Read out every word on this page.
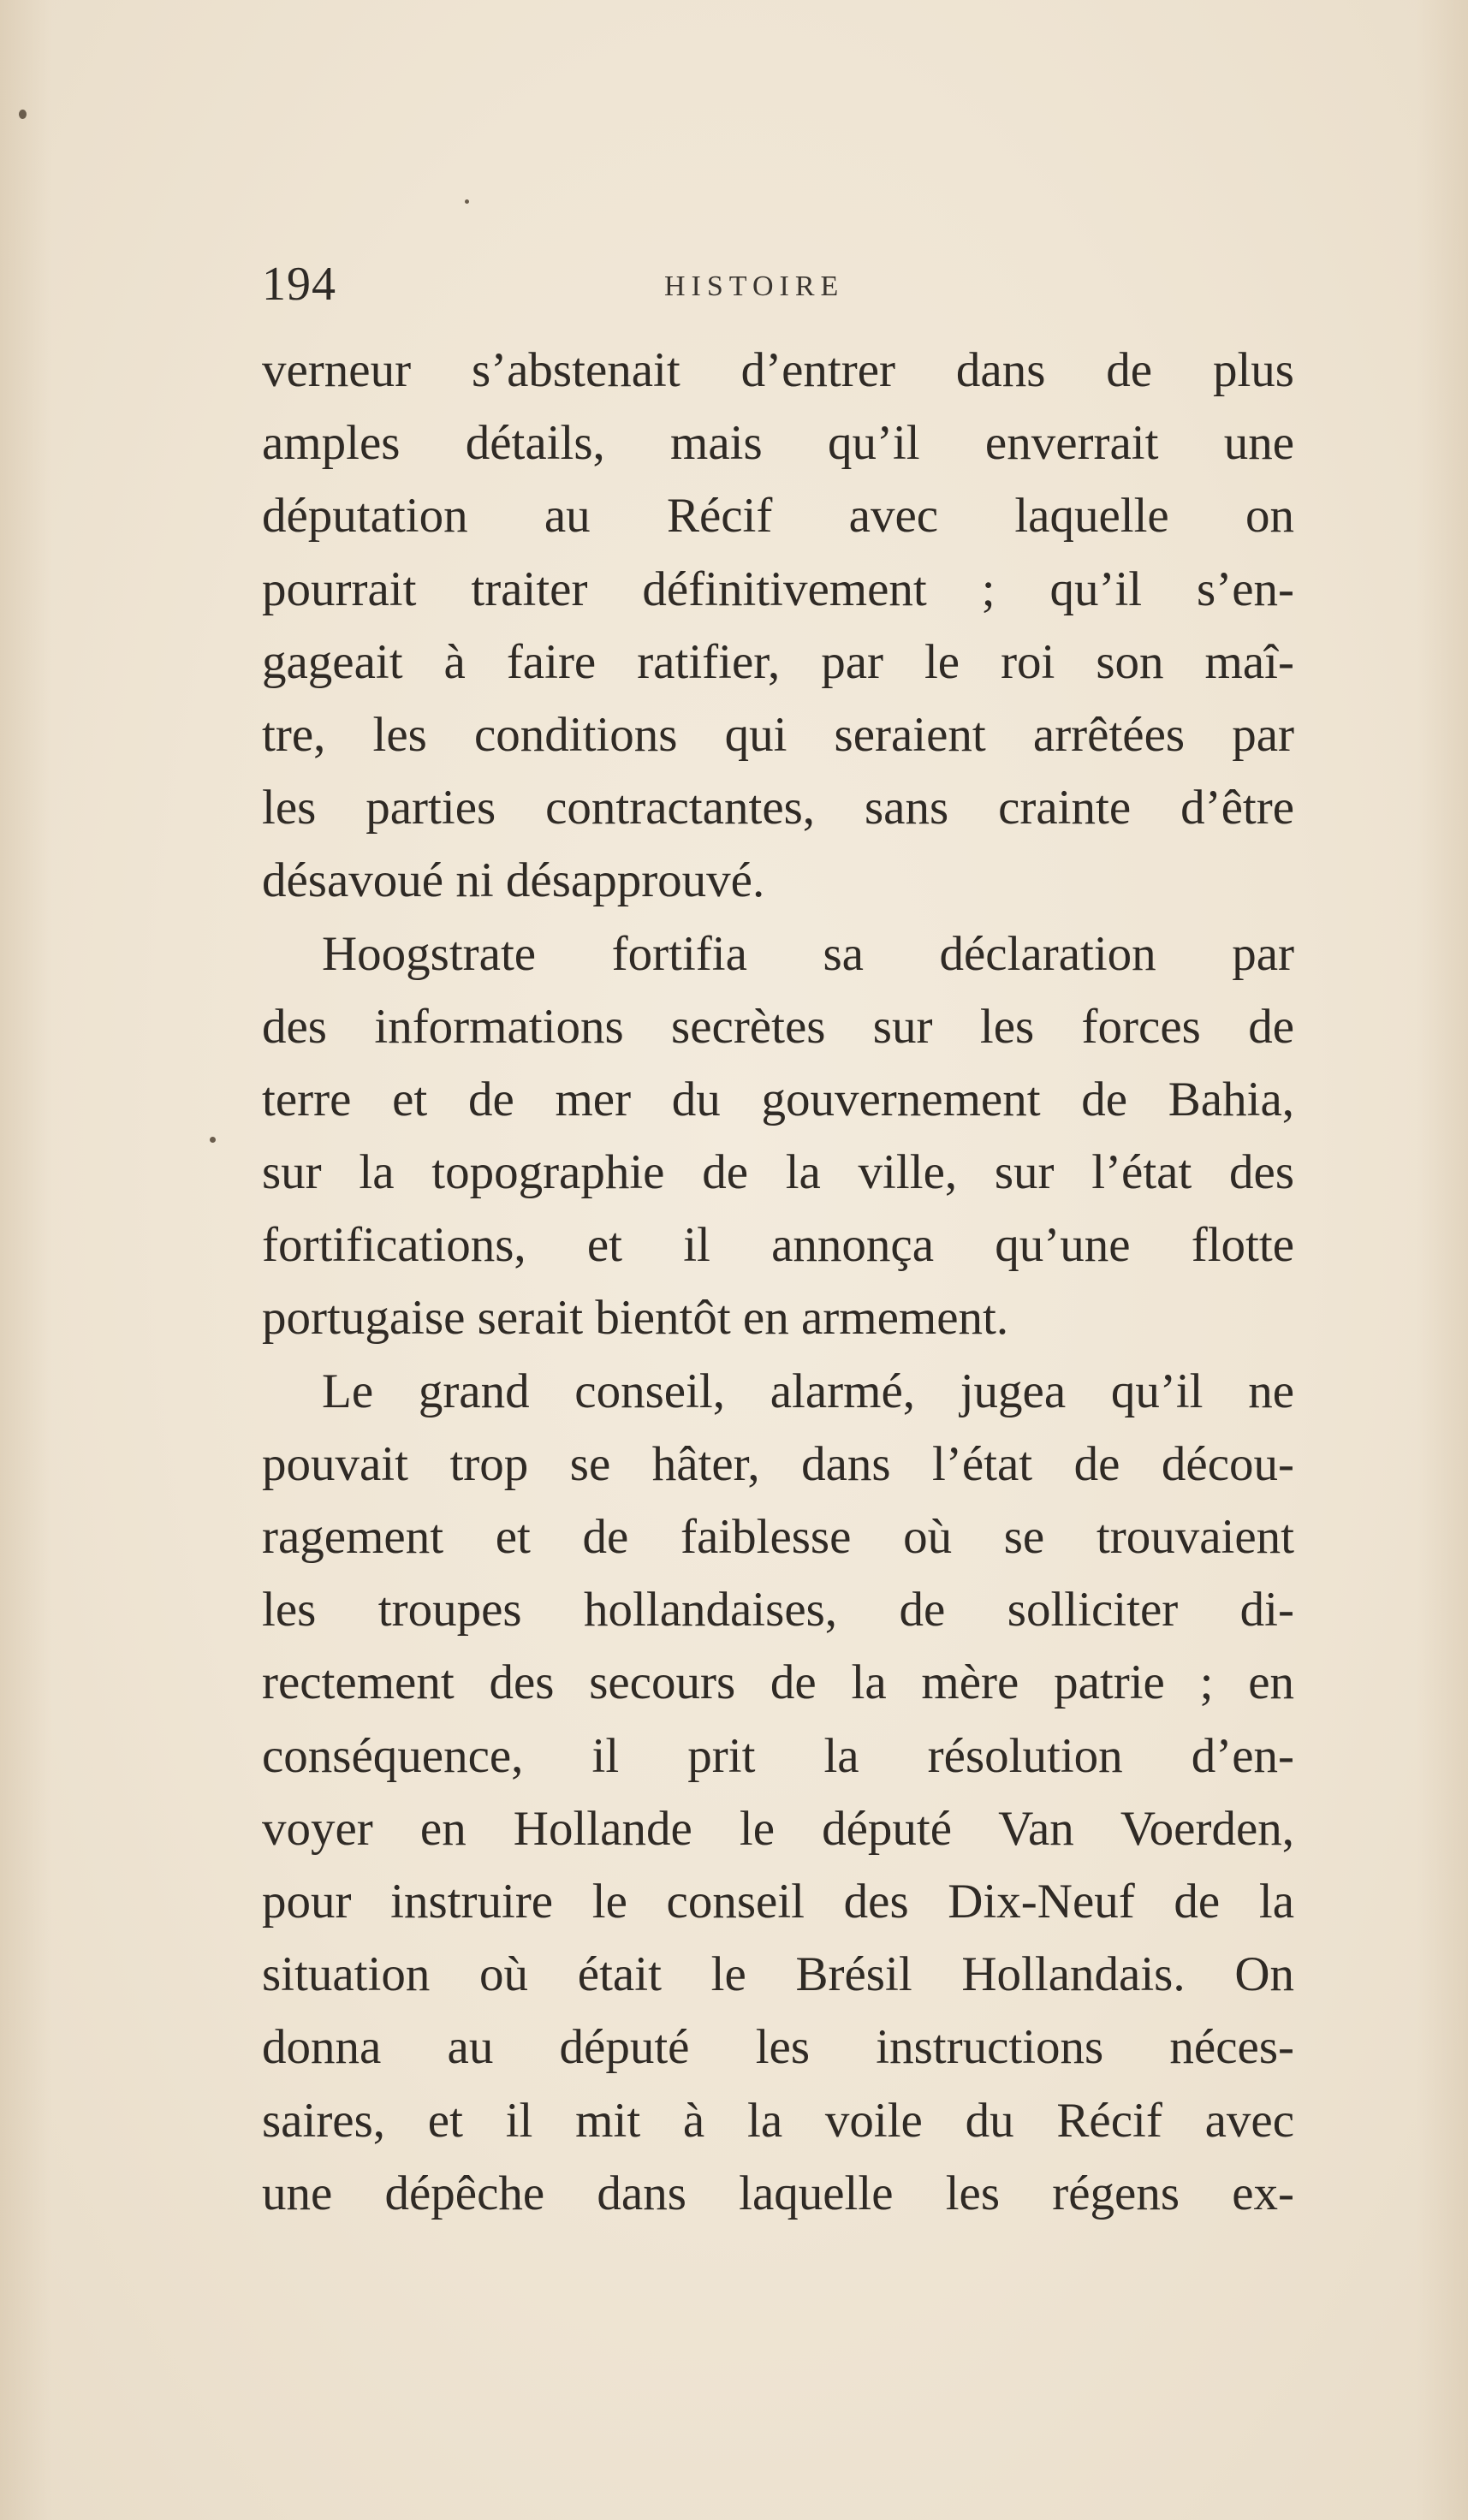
194	HISTOIRE
verneur s’abstenait d’entrer dans de plus
amples détails, mais qu’il enverrait une
députation au Récif avec laquelle on
pourrait traiter définitivement ; qu’il s’en-
gageait à faire ratifier, par le roi son maî-
tre, les conditions qui seraient arrêtées par
les parties contractantes, sans crainte d’être
désavoué ni désapprouvé.
Hoogstrate fortifia sa déclaration par
des informations secrètes sur les forces de
terre et de mer du gouvernement de Bahia,
sur la topographie de la ville, sur l’état des
fortifications, et il annonça qu’une flotte
portugaise serait bientôt en armement.
Le grand conseil, alarmé, jugea qu’il ne
pouvait trop se hâter, dans l’état de décou-
ragement et de faiblesse où se trouvaient
les troupes hollandaises, de solliciter di-
rectement des secours de la mère patrie ; en
conséquence, il prit la résolution d’en-
voyer en Hollande le député Van Voerden,
pour instruire le conseil des Dix-Neuf de la
situation où était le Brésil Hollandais. On
donna au député les instructions néces-
saires, et il mit à la voile du Récif avec
une dépêche dans laquelle les régens ex-
